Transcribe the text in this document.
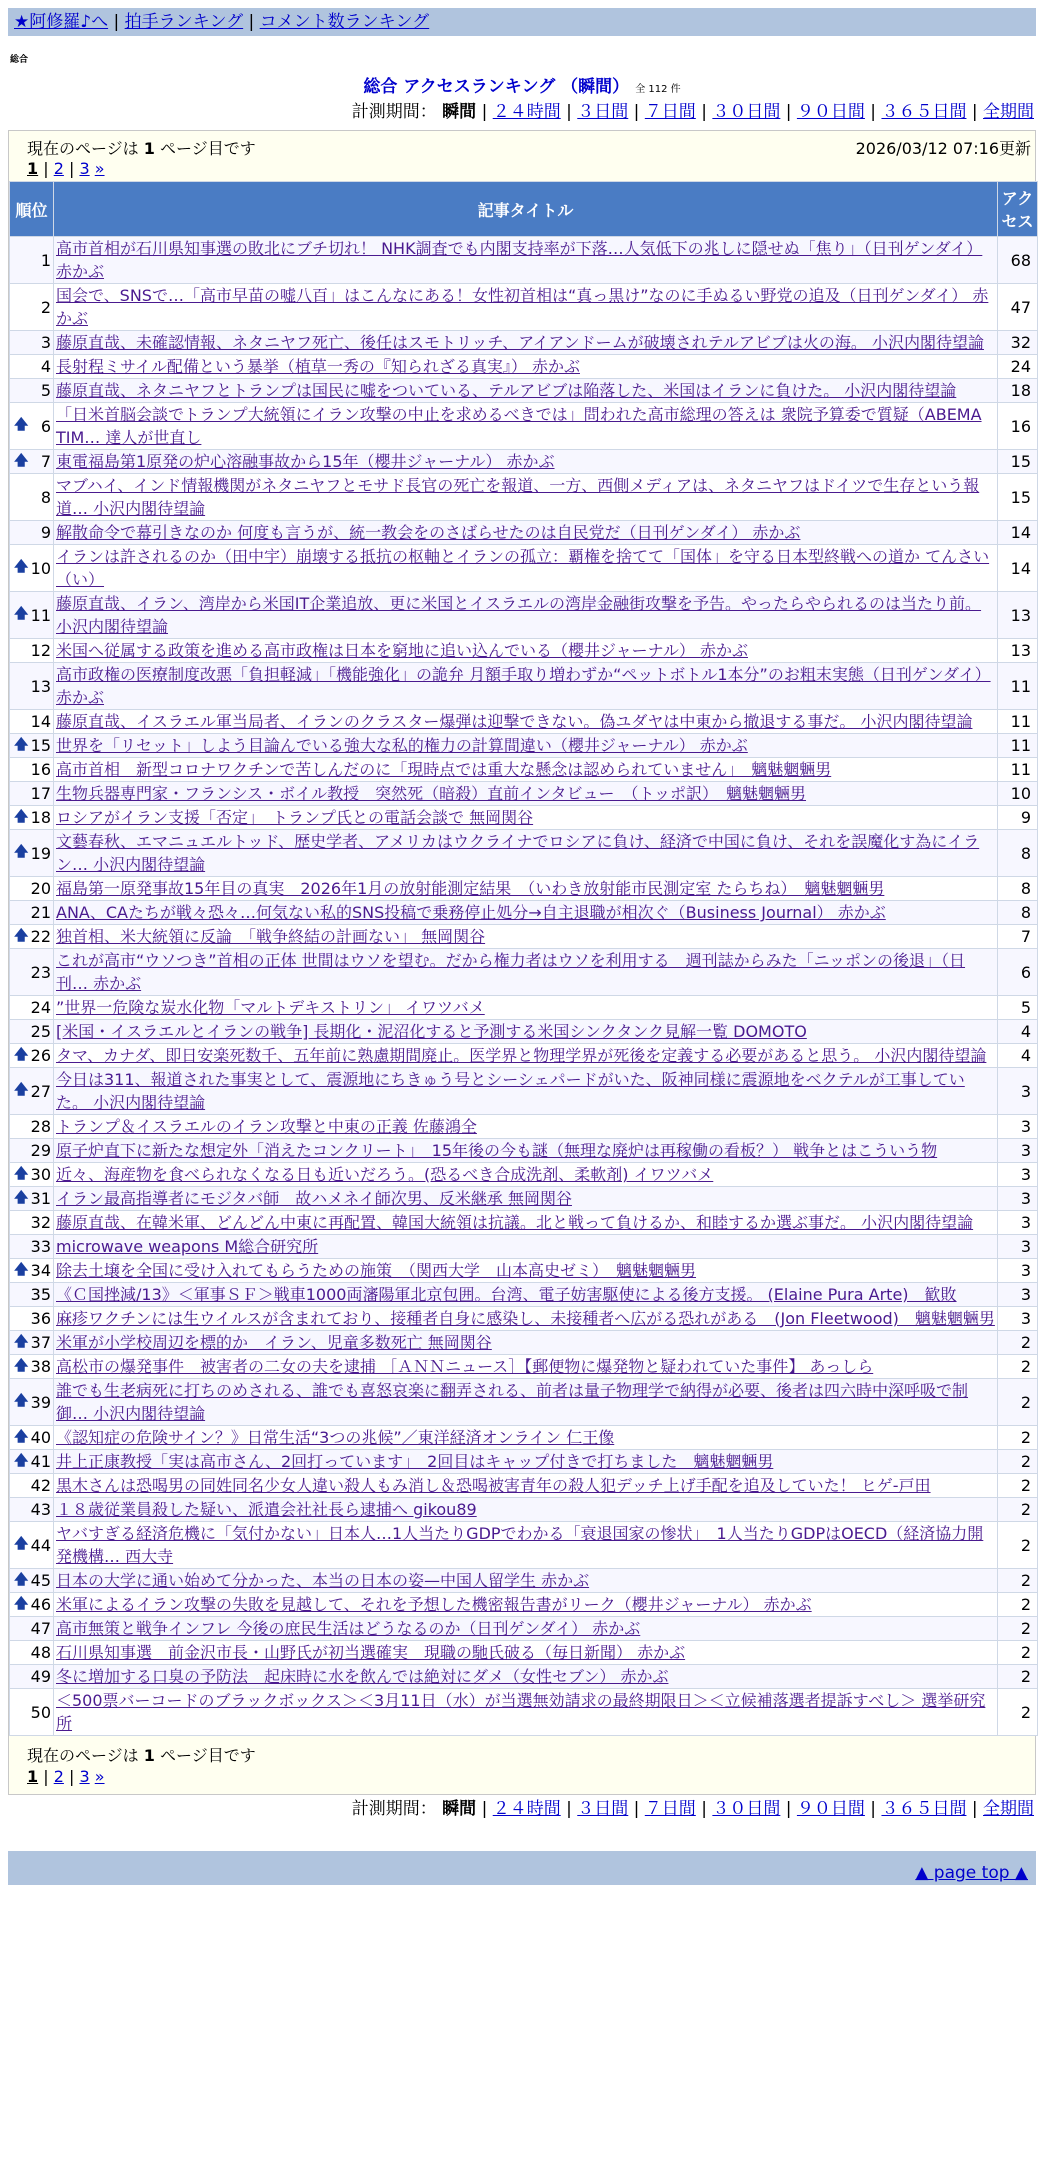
★阿修羅♪へ | 拍手ランキング | コメント数ランキング
総合
総合 アクセスランキング （瞬間） 全 112 件
計測期間： 瞬間 | ２４時間 | ３日間 | ７日間 | ３０日間 | ９０日間 | ３６５日間 | 全期間
現在のページは 1 ページ目です	2026/03/12 07:16更新
1 | 2 | 3 »
順位	記事タイトル	アクセス
1	高市首相が石川県知事選の敗北にブチ切れ！ NHK調査でも内閣支持率が下落…人気低下の兆しに隠せぬ「焦り」（日刊ゲンダイ） 赤かぶ	68
2	国会で、SNSで…「高市早苗の嘘八百」はこんなにある！女性初首相は“真っ黒け”なのに手ぬるい野党の追及（日刊ゲンダイ） 赤かぶ	47
3	藤原直哉、未確認情報、ネタニヤフ死亡、後任はスモトリッチ、アイアンドームが破壊されテルアビブは火の海。 小沢内閣待望論	32
4	長射程ミサイル配備という暴挙（植草一秀の『知られざる真実』） 赤かぶ	24
5	藤原直哉、ネタニヤフとトランプは国民に嘘をついている、テルアビブは陥落した、米国はイランに負けた。 小沢内閣待望論	18

🡅 6	「日米首脳会談でトランプ大統領にイラン攻撃の中止を求めるべきでは」問われた高市総理の答えは 衆院予算委で質疑（ABEMA TIM… 達人が世直し	16

🡅 7	東電福島第1原発の炉心溶融事故から15年（櫻井ジャーナル） 赤かぶ	15
8	マブハイ、インド情報機関がネタニヤフとモサド長官の死亡を報道、一方、西側メディアは、ネタニヤフはドイツで生存という報道… 小沢内閣待望論	15
9	解散命令で幕引きなのか 何度も言うが、統一教会をのさばらせたのは自民党だ（日刊ゲンダイ） 赤かぶ	14

🡅 10	イランは許されるのか（田中宇）崩壊する抵抗の枢軸とイランの孤立：覇権を捨てて「国体」を守る日本型終戦への道か てんさい（い）	14

🡅 11	藤原直哉、イラン、湾岸から米国IT企業追放、更に米国とイスラエルの湾岸金融街攻撃を予告。やったらやられるのは当たり前。 小沢内閣待望論	13
12	米国へ従属する政策を進める高市政権は日本を窮地に追い込んでいる（櫻井ジャーナル） 赤かぶ	13
13	高市政権の医療制度改悪「負担軽減」「機能強化」の詭弁 月額手取り増わずか“ペットボトル1本分”のお粗末実態（日刊ゲンダイ） 赤かぶ	11
14	藤原直哉、イスラエル軍当局者、イランのクラスター爆弾は迎撃できない。偽ユダヤは中東から撤退する事だ。 小沢内閣待望論	11

🡅 15	世界を「リセット」しよう目論んでいる強大な私的権力の計算間違い（櫻井ジャーナル） 赤かぶ	11
16	高市首相　新型コロナワクチンで苦しんだのに「現時点では重大な懸念は認められていません」　魑魅魍魎男	11
17	生物兵器専門家・フランシス・ボイル教授　突然死（暗殺）直前インタビュー　（トッポ訳）　魑魅魍魎男	10

🡅 18	ロシアがイラン支援「否定」　トランプ氏との電話会談で 無岡関谷	9

🡅 19	文藝春秋、エマニュエルトッド、歴史学者、アメリカはウクライナでロシアに負け、経済で中国に負け、それを誤魔化す為にイラン… 小沢内閣待望論	8
20	福島第一原発事故15年目の真実　2026年1月の放射能測定結果　（いわき放射能市民測定室 たらちね）　魑魅魍魎男	8
21	ANA、CAたちが戦々恐々…何気ない私的SNS投稿で乗務停止処分→自主退職が相次ぐ（Business Journal） 赤かぶ	8

🡅 22	独首相、米大統領に反論　「戦争終結の計画ない」 無岡関谷	7
23	これが高市“ウソつき”首相の正体 世間はウソを望む。だから権力者はウソを利用する　週刊誌からみた「ニッポンの後退」（日刊… 赤かぶ	6
24	”世界一危険な炭水化物「マルトデキストリン」 イワツバメ	5
25	[米国・イスラエルとイランの戦争] 長期化・泥沼化すると予測する米国シンクタンク見解一覧 DOMOTO	4

🡅 26	タマ、カナダ、即日安楽死数千、五年前に熟慮期間廃止。医学界と物理学界が死後を定義する必要があると思う。 小沢内閣待望論	4

🡅 27	今日は311、報道された事実として、震源地にちきゅう号とシーシェパードがいた、阪神同様に震源地をベクテルが工事していた。 小沢内閣待望論	3
28	トランプ＆イスラエルのイラン攻撃と中東の正義 佐藤鴻全	3
29	原子炉直下に新たな想定外「消えたコンクリート」　15年後の今も謎（無理な廃炉は再稼働の看板？） 戦争とはこういう物	3

🡅 30	近々、海産物を食べられなくなる日も近いだろう。(恐るべき合成洗剤、柔軟剤) イワツバメ	3

🡅 31	イラン最高指導者にモジタバ師　故ハメネイ師次男、反米継承 無岡関谷	3
32	藤原直哉、在韓米軍、どんどん中東に再配置、韓国大統領は抗議。北と戦って負けるか、和睦するか選ぶ事だ。 小沢内閣待望論	3
33	microwave weapons M総合研究所	3

🡅 34	除去土壌を全国に受け入れてもらうための施策　（関西大学　山本高史ゼミ）　魑魅魍魎男	3
35	《Ｃ国挫減/13》＜軍事ＳＦ＞戦車1000両瀋陽軍北京包囲。台湾、電子妨害駆使による後方支援。 (Elaine Pura Arte)　歓敗	3
36	麻疹ワクチンには生ウイルスが含まれており、接種者自身に感染し、未接種者へ広がる恐れがある　(Jon Fleetwood)　魑魅魍魎男	3

🡅 37	米軍が小学校周辺を標的か　イラン、児童多数死亡 無岡関谷	2

🡅 38	高松市の爆発事件　被害者の二女の夫を逮捕 ［ＡＮＮニュース］【郵便物に爆発物と疑われていた事件】 あっしら	2

🡅 39	誰でも生老病死に打ちのめされる、誰でも喜怒哀楽に翻弄される、前者は量子物理学で納得が必要、後者は四六時中深呼吸で制御… 小沢内閣待望論	2

🡅 40	《認知症の危険サイン？》日常生活“3つの兆候”／東洋経済オンライン 仁王像	2

🡅 41	井上正康教授「実は高市さん、2回打っています」　2回目はキャップ付きで打ちました　魑魅魍魎男	2
42	黒木さんは恐喝男の同姓同名少女人違い殺人もみ消し＆恐喝被害青年の殺人犯デッチ上げ手配を追及していた！ ヒゲ-戸田	2
43	１８歳従業員殺した疑い、派遣会社社長ら逮捕へ gikou89	2

🡅 44	ヤバすぎる経済危機に「気付かない」日本人…1人当たりGDPでわかる「衰退国家の惨状」　1人当たりGDPはOECD（経済協力開発機構… 西大寺	2

🡅 45	日本の大学に通い始めて分かった、本当の日本の姿—中国人留学生 赤かぶ	2

🡅 46	米軍によるイラン攻撃の失敗を見越して、それを予想した機密報告書がリーク（櫻井ジャーナル） 赤かぶ	2
47	高市無策と戦争インフレ 今後の庶民生活はどうなるのか（日刊ゲンダイ） 赤かぶ	2
48	石川県知事選　前金沢市長・山野氏が初当選確実　現職の馳氏破る（毎日新聞） 赤かぶ	2
49	冬に増加する口臭の予防法　起床時に水を飲んでは絶対にダメ（女性セブン） 赤かぶ	2
50	＜500票バーコードのブラックボックス＞＜3月11日（水）が当選無効請求の最終期限日＞＜立候補落選者提訴すべし＞ 選挙研究所	2
現在のページは 1 ページ目です
1 | 2 | 3 »
計測期間： 瞬間 | ２４時間 | ３日間 | ７日間 | ３０日間 | ９０日間 | ３６５日間 | 全期間
▲ page top ▲
